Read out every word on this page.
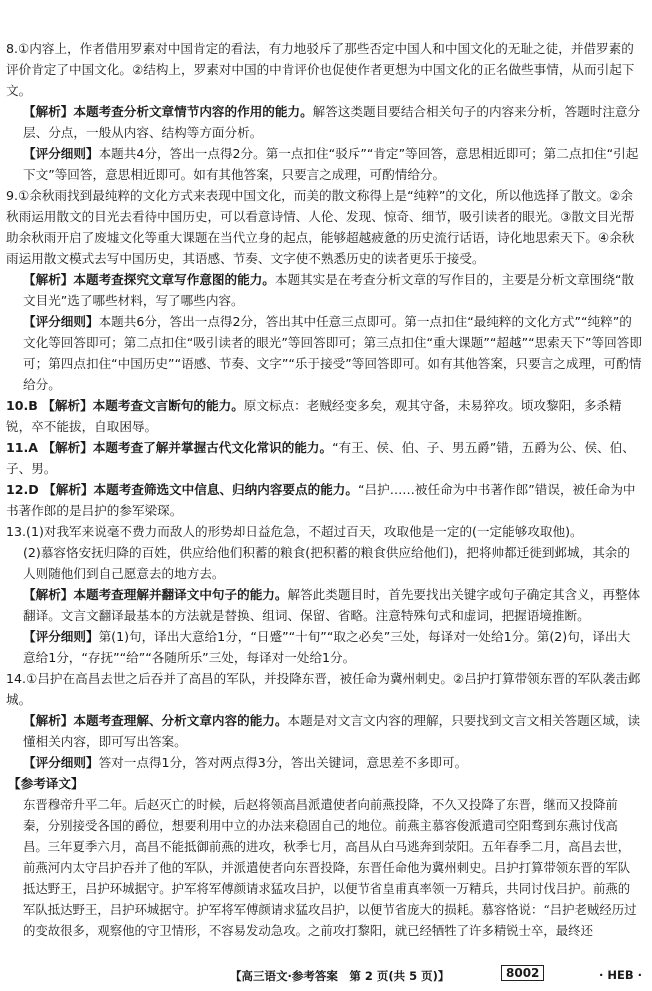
8.①内容上，作者借用罗素对中国肯定的看法，有力地驳斥了那些否定中国人和中国文化的无耻之徒，并借罗素的评价肯定了中国文化。②结构上，罗素对中国的中肯评价也促使作者更想为中国文化的正名做些事情，从而引起下文。

【解析】本题考查分析文章情节内容的作用的能力。解答这类题目要结合相关句子的内容来分析，答题时注意分层、分点，一般从内容、结构等方面分析。

【评分细则】本题共4分，答出一点得2分。第一点扣住“驳斥”“肯定”等回答，意思相近即可；第二点扣住“引起下文”等回答，意思相近即可。如有其他答案，只要言之成理，可酌情给分。

9.①余秋雨找到最纯粹的文化方式来表现中国文化，而美的散文称得上是“纯粹”的文化，所以他选择了散文。②余秋雨运用散文的目光去看待中国历史，可以看意诗情、人伦、发现、惊奇、细节，吸引读者的眼光。③散文目光帮助余秋雨开启了废墟文化等重大课题在当代立身的起点，能够超越疲惫的历史流行话语，诗化地思索天下。④余秋雨运用散文模式去写中国历史，其语感、节奏、文字使不熟悉历史的读者更乐于接受。

【解析】本题考查探究文章写作意图的能力。本题其实是在考查分析文章的写作目的，主要是分析文章围绕“散文目光”选了哪些材料，写了哪些内容。

【评分细则】本题共6分，答出一点得2分，答出其中任意三点即可。第一点扣住“最纯粹的文化方式”“纯粹”的文化等回答即可；第二点扣住“吸引读者的眼光”等回答即可；第三点扣住“重大课题”“超越”“思索天下”等回答即可；第四点扣住“中国历史”“语感、节奏、文字”“乐于接受”等回答即可。如有其他答案，只要言之成理，可酌情给分。

10.B 【解析】本题考查文言断句的能力。原文标点：老贼经变多矣，观其守备，未易猝攻。顷攻黎阳，多杀精锐，卒不能拔，自取困辱。

11.A 【解析】本题考查了解并掌握古代文化常识的能力。“有王、侯、伯、子、男五爵”错，五爵为公、侯、伯、子、男。

12.D 【解析】本题考查筛选文中信息、归纳内容要点的能力。“吕护……被任命为中书著作郎”错误，被任命为中书著作郎的是吕护的参军梁琛。

13.(1)对我军来说毫不费力而敌人的形势却日益危急，不超过百天，攻取他是一定的(一定能够攻取他)。

(2)慕容恪安抚归降的百姓，供应给他们积蓄的粮食(把积蓄的粮食供应给他们)，把将帅都迁徙到邺城，其余的人则随他们到自己愿意去的地方去。

【解析】本题考查理解并翻译文中句子的能力。解答此类题目时，首先要找出关键字或句子确定其含义，再整体翻译。文言文翻译最基本的方法就是替换、组词、保留、省略。注意特殊句式和虚词，把握语境推断。

【评分细则】第(1)句，译出大意给1分，“日蹙”“十旬”“取之必矣”三处，每译对一处给1分。第(2)句，译出大意给1分，“存抚”“给”“各随所乐”三处，每译对一处给1分。

14.①吕护在高昌去世之后吞并了高昌的军队，并投降东晋，被任命为冀州刺史。②吕护打算带领东晋的军队袭击邺城。

【解析】本题考查理解、分析文章内容的能力。本题是对文言文内容的理解，只要找到文言文相关答题区域，读懂相关内容，即可写出答案。

【评分细则】答对一点得1分，答对两点得3分，答出关键词，意思差不多即可。

【参考译文】

东晋穆帝升平二年。后赵灭亡的时候，后赵将领高昌派遣使者向前燕投降，不久又投降了东晋，继而又投降前秦，分别接受各国的爵位，想要利用中立的办法来稳固自己的地位。前燕主慕容俊派遣司空阳骛到东燕讨伐高昌。三年夏季六月，高昌不能抵御前燕的进攻，秋季七月，高昌从白马逃奔到荥阳。五年春季二月，高昌去世，前燕河内太守吕护吞并了他的军队，并派遣使者向东晋投降，东晋任命他为冀州刺史。吕护打算带领东晋的军队抵达野王，吕护环城据守。护军将军傅颜请求猛攻吕护，以便节省皇甫真率领一万精兵，共同讨伐吕护。前燕的军队抵达野王，吕护环城据守。护军将军傅颜请求猛攻吕护，以便节省庞大的损耗。慕容恪说：“吕护老贼经历过的变故很多，观察他的守卫情形，不容易发动急攻。之前攻打黎阳，就已经牺牲了许多精锐士卒，最终还

【高三语文·参考答案　第 2 页(共 5 页)】	8002	· HEB ·
